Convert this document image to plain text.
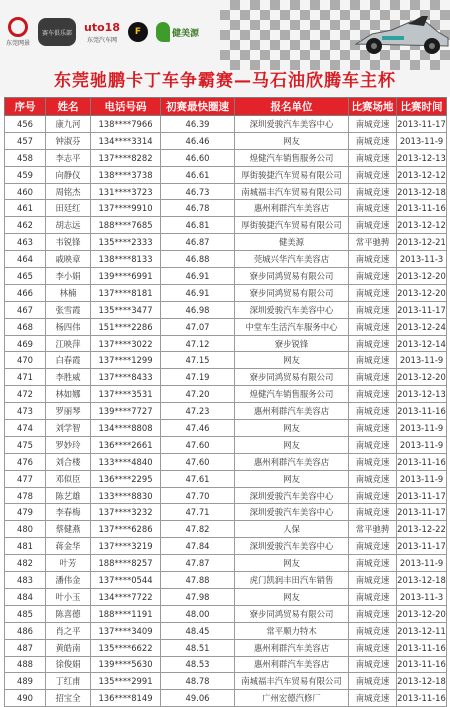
东莞网景
赛车俱乐部 uto18
东莞汽车网
F	健美源
东莞驰鹏卡丁车争霸赛—马石油欣腾车主杯
序号	姓名	电话号码	初赛最快圈速	报名单位	比赛场地	比赛时间
456	康九河	138****7966	46.39	深圳爱骏汽车美容中心	南城竞速	2013-11-17
457	钟淑芬	134****3314	46.46	网友	南城竞速	2013-11-9
458	李志平	137****8282	46.60	煌健汽车销售服务公司	南城竞速	2013-12-13
459	向静仪	138****3738	46.61	厚街骏捷汽车贸易有限公司	南城竞速	2013-12-12
460	周铭杰	131****3723	46.73	南城福丰汽车贸易有限公司	南城竞速	2013-12-18
461	田廷红	137****9910	46.78	惠州利群汽车美容店	南城竞速	2013-11-16
462	胡志远	188****7685	46.81	厚街骏捷汽车贸易有限公司	南城竞速	2013-12-12
463	韦锐锋	135****2333	46.87	健美源	常平驰骋	2013-12-21
464	戚映章	138****8133	46.88	莞城兴华汽车美容店	南城竞速	2013-11-3
465	李小娟	139****6991	46.91	寮步同鸿贸易有限公司	南城竞速	2013-12-20
466	林楠	137****8181	46.91	寮步同鸿贸易有限公司	南城竞速	2013-12-20
467	张雪霞	135****3477	46.98	深圳爱骏汽车美容中心	南城竞速	2013-11-17
468	杨四伟	151****2286	47.07	中堂车生活汽车服务中心	南城竞速	2013-12-24
469	江映萍	137****3022	47.12	寮步锐锋	南城竞速	2013-12-14
470	白春霞	137****1299	47.15	网友	南城竞速	2013-11-9
471	李胜威	137****8433	47.19	寮步同鸿贸易有限公司	南城竞速	2013-12-20
472	林如娜	137****3531	47.20	煌健汽车销售服务公司	南城竞速	2013-12-13
473	罗丽琴	139****7727	47.23	惠州利群汽车美容店	南城竞速	2013-11-16
474	刘学智	134****8808	47.46	网友	南城竞速	2013-11-9
475	罗妙玲	136****2661	47.60	网友	南城竞速	2013-11-9
476	刘合楼	133****4840	47.60	惠州利群汽车美容店	南城竞速	2013-11-16
477	邓似臣	136****2295	47.61	网友	南城竞速	2013-11-9
478	陈艺雄	133****8830	47.70	深圳爱骏汽车美容中心	南城竞速	2013-11-17
479	李春梅	137****3232	47.71	深圳爱骏汽车美容中心	南城竞速	2013-11-17
480	蔡健燕	137****6286	47.82	人保	常平驰骋	2013-12-22
481	蒋金华	137****3219	47.84	深圳爱骏汽车美容中心	南城竞速	2013-11-17
482	叶芳	188****8257	47.87	网友	南城竞速	2013-11-9
483	潘伟金	137****0544	47.88	虎门凯润丰田汽车销售	南城竞速	2013-12-18
484	叶小玉	134****7722	47.98	网友	南城竞速	2013-11-3
485	陈喜德	188****1191	48.00	寮步同鸿贸易有限公司	南城竞速	2013-12-20
486	肖之平	137****3409	48.45	常平顺力特木	南城竞速	2013-12-11
487	黄皓南	135****6622	48.51	惠州利群汽车美容店	南城竞速	2013-11-16
488	徐俊娟	139****5630	48.53	惠州利群汽车美容店	南城竞速	2013-11-16
489	丁红甫	135****2991	48.78	南城福丰汽车贸易有限公司	南城竞速	2013-12-18
490	招宝全	136****8149	49.06	广州宏德汽修厂	南城竞速	2013-11-16
